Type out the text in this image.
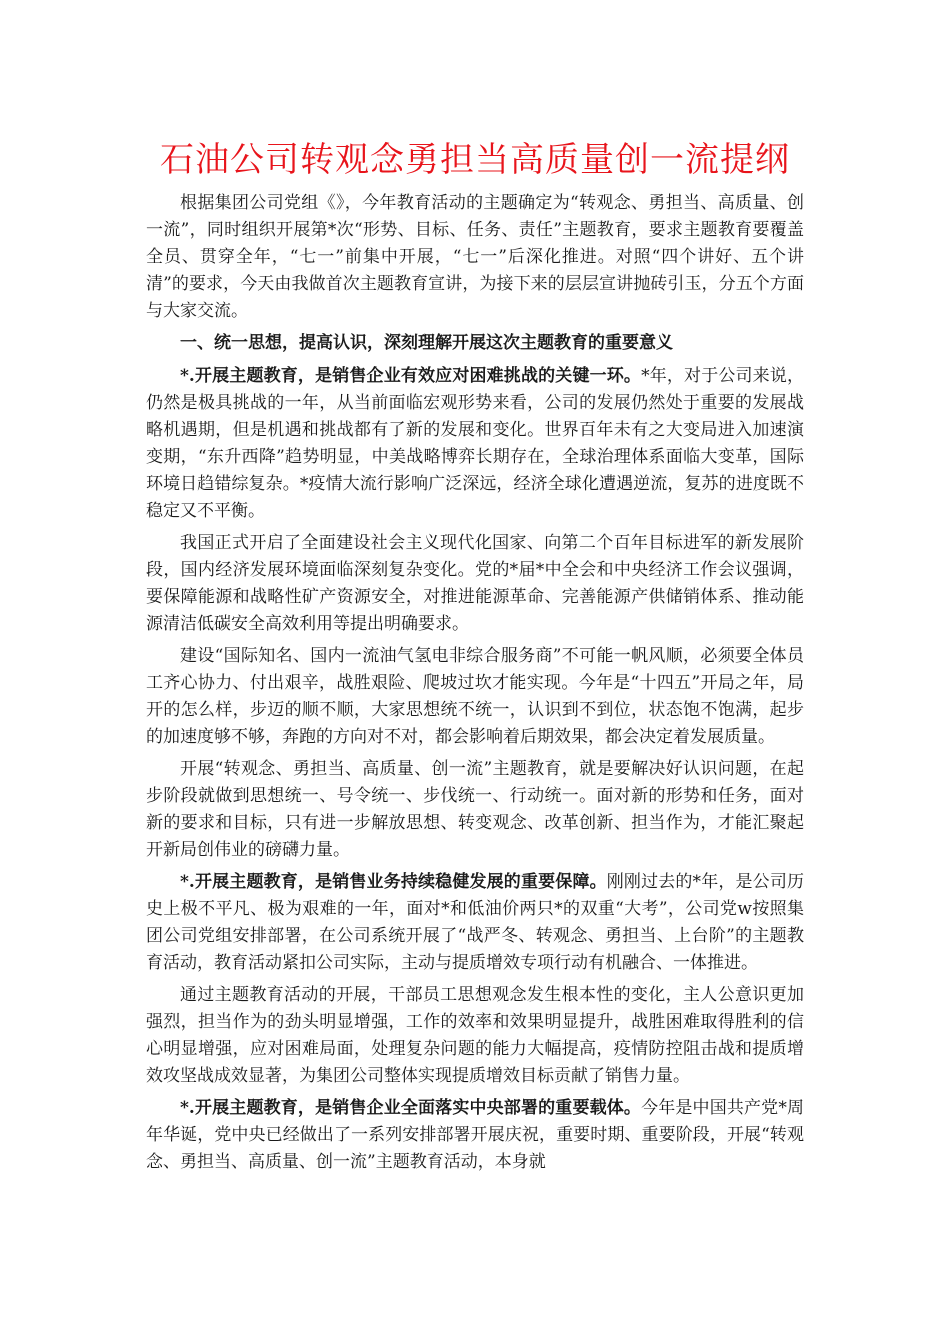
石油公司转观念勇担当高质量创一流提纲

根据集团公司党组《》，今年教育活动的主题确定为“转观念、勇担当、高质量、创一流”，同时组织开展第*次“形势、目标、任务、责任”主题教育，要求主题教育要覆盖全员、贯穿全年，“七一”前集中开展，“七一”后深化推进。对照“四个讲好、五个讲清”的要求，今天由我做首次主题教育宣讲，为接下来的层层宣讲抛砖引玉，分五个方面与大家交流。

一、统一思想，提高认识，深刻理解开展这次主题教育的重要意义

*.开展主题教育，是销售企业有效应对困难挑战的关键一环。*年，对于公司来说，仍然是极具挑战的一年，从当前面临宏观形势来看，公司的发展仍然处于重要的发展战略机遇期，但是机遇和挑战都有了新的发展和变化。世界百年未有之大变局进入加速演变期，“东升西降”趋势明显，中美战略博弈长期存在，全球治理体系面临大变革，国际环境日趋错综复杂。*疫情大流行影响广泛深远，经济全球化遭遇逆流，复苏的进度既不稳定又不平衡。

我国正式开启了全面建设社会主义现代化国家、向第二个百年目标进军的新发展阶段，国内经济发展环境面临深刻复杂变化。党的*届*中全会和中央经济工作会议强调，要保障能源和战略性矿产资源安全，对推进能源革命、完善能源产供储销体系、推动能源清洁低碳安全高效利用等提出明确要求。

建设“国际知名、国内一流油气氢电非综合服务商”不可能一帆风顺，必须要全体员工齐心协力、付出艰辛，战胜艰险、爬坡过坎才能实现。今年是“十四五”开局之年，局开的怎么样，步迈的顺不顺，大家思想统不统一，认识到不到位，状态饱不饱满，起步的加速度够不够，奔跑的方向对不对，都会影响着后期效果，都会决定着发展质量。

开展“转观念、勇担当、高质量、创一流”主题教育，就是要解决好认识问题，在起步阶段就做到思想统一、号令统一、步伐统一、行动统一。面对新的形势和任务，面对新的要求和目标，只有进一步解放思想、转变观念、改革创新、担当作为，才能汇聚起开新局创伟业的磅礴力量。

*.开展主题教育，是销售业务持续稳健发展的重要保障。刚刚过去的*年，是公司历史上极不平凡、极为艰难的一年，面对*和低油价两只*的双重“大考”，公司党w按照集团公司党组安排部署，在公司系统开展了“战严冬、转观念、勇担当、上台阶”的主题教育活动，教育活动紧扣公司实际，主动与提质增效专项行动有机融合、一体推进。

通过主题教育活动的开展，干部员工思想观念发生根本性的变化，主人公意识更加强烈，担当作为的劲头明显增强，工作的效率和效果明显提升，战胜困难取得胜利的信心明显增强，应对困难局面，处理复杂问题的能力大幅提高，疫情防控阻击战和提质增效攻坚战成效显著，为集团公司整体实现提质增效目标贡献了销售力量。

*.开展主题教育，是销售企业全面落实中央部署的重要载体。今年是中国共产党*周年华诞，党中央已经做出了一系列安排部署开展庆祝，重要时期、重要阶段，开展“转观念、勇担当、高质量、创一流”主题教育活动，本身就
